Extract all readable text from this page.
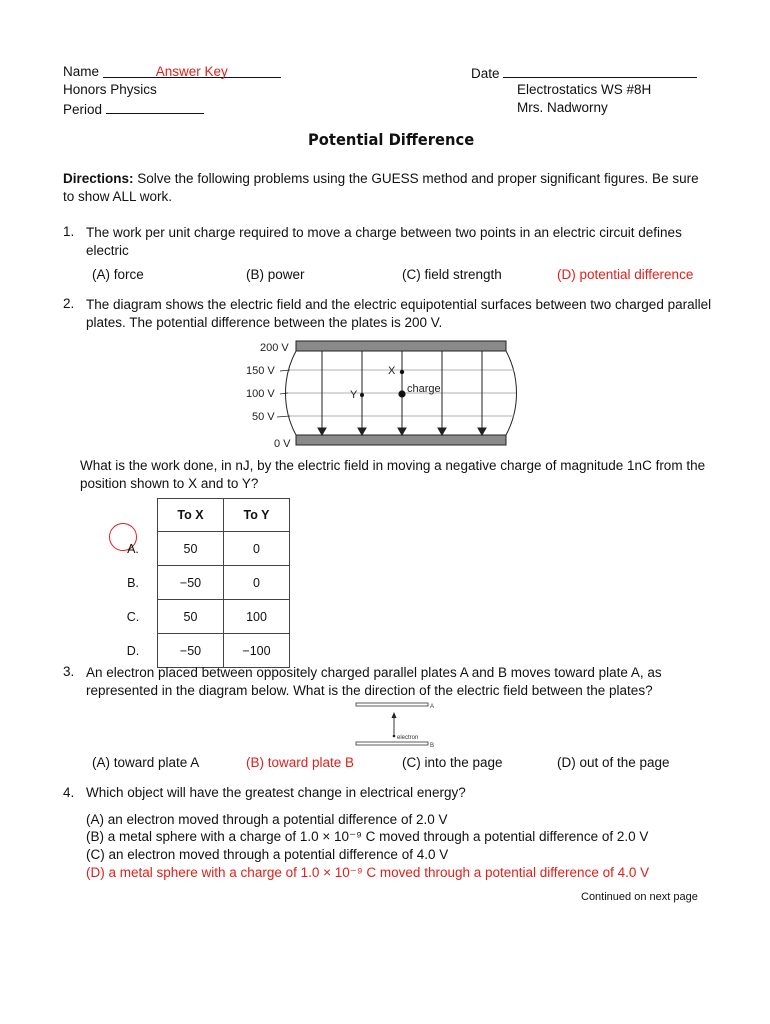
Name	Answer Key
Honors Physics
Period
Date
Electrostatics WS #8H
Mrs. Nadworny
Potential Difference
Directions: Solve the following problems using the GUESS method and proper significant figures. Be sure to show ALL work.
1. The work per unit charge required to move a charge between two points in an electric circuit defines electric
(A) force	(B) power	(C) field strength	(D) potential difference
2. The diagram shows the electric field and the electric equipotential surfaces between two charged parallel plates. The potential difference between the plates is 200 V.
200 V
150 V
100 V
50 V
0 V
X
Y	charge
What is the work done, in nJ, by the electric field in moving a negative charge of magnitude 1nC from the position shown to X and to Y?
	To X	To Y
A.	50	0
B.	−50	0
C.	50	100
D.	−50	−100
3. An electron placed between oppositely charged parallel plates A and B moves toward plate A, as represented in the diagram below. What is the direction of the electric field between the plates?
A
B
electron
(A) toward plate A	(B) toward plate B	(C) into the page	(D) out of the page
4. Which object will have the greatest change in electrical energy?
(A) an electron moved through a potential difference of 2.0 V
(B) a metal sphere with a charge of 1.0 × 10⁻⁹ C moved through a potential difference of 2.0 V
(C) an electron moved through a potential difference of 4.0 V
(D) a metal sphere with a charge of 1.0 × 10⁻⁹ C moved through a potential difference of 4.0 V
Continued on next page
